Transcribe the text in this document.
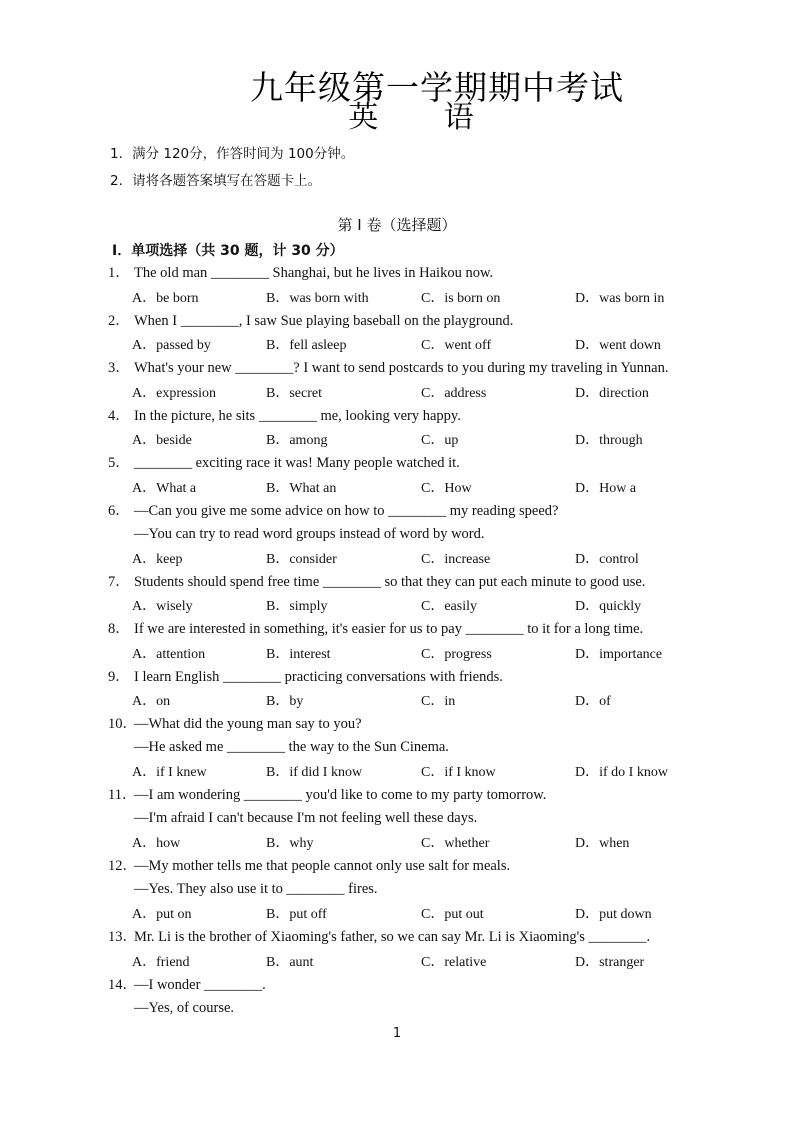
九年级第一学期期中考试
英 语
1．满分 120分，作答时间为 100分钟。
2．请将各题答案填写在答题卡上。
第 I 卷（选择题）
I．单项选择（共 30 题，计 30 分）
1． The old man ________ Shanghai, but he lives in Haikou now.
A．be born	B．was born with	C．is born on	D．was born in
2． When I ________, I saw Sue playing baseball on the playground.
A．passed by	B．fell asleep	C．went off	D．went down
3． What's your new ________? I want to send postcards to you during my traveling in Yunnan.
A．expression	B．secret	C．address	D．direction
4． In the picture, he sits ________ me, looking very happy.
A．beside	B．among	C．up	D．through
5． ________ exciting race it was! Many people watched it.
A．What a	B．What an	C．How	D．How a
6． —Can you give me some advice on how to ________ my reading speed?
—You can try to read word groups instead of word by word.
A．keep	B．consider	C．increase	D．control
7． Students should spend free time ________ so that they can put each minute to good use.
A．wisely	B．simply	C．easily	D．quickly
8． If we are interested in something, it's easier for us to pay ________ to it for a long time.
A．attention	B．interest	C．progress	D．importance
9． I learn English ________ practicing conversations with friends.
A．on	B．by	C．in	D．of
10．—What did the young man say to you?
—He asked me ________ the way to the Sun Cinema.
A．if I knew	B．if did I know	C．if I know	D．if do I know
11．—I am wondering ________ you'd like to come to my party tomorrow.
—I'm afraid I can't because I'm not feeling well these days.
A．how	B．why	C．whether	D．when
12．—My mother tells me that people cannot only use salt for meals.
—Yes. They also use it to ________ fires.
A．put on	B．put off	C．put out	D．put down
13．Mr. Li is the brother of Xiaoming's father, so we can say Mr. Li is Xiaoming's ________.
A．friend	B．aunt	C．relative	D．stranger
14．—I wonder ________.
—Yes, of course.
1
